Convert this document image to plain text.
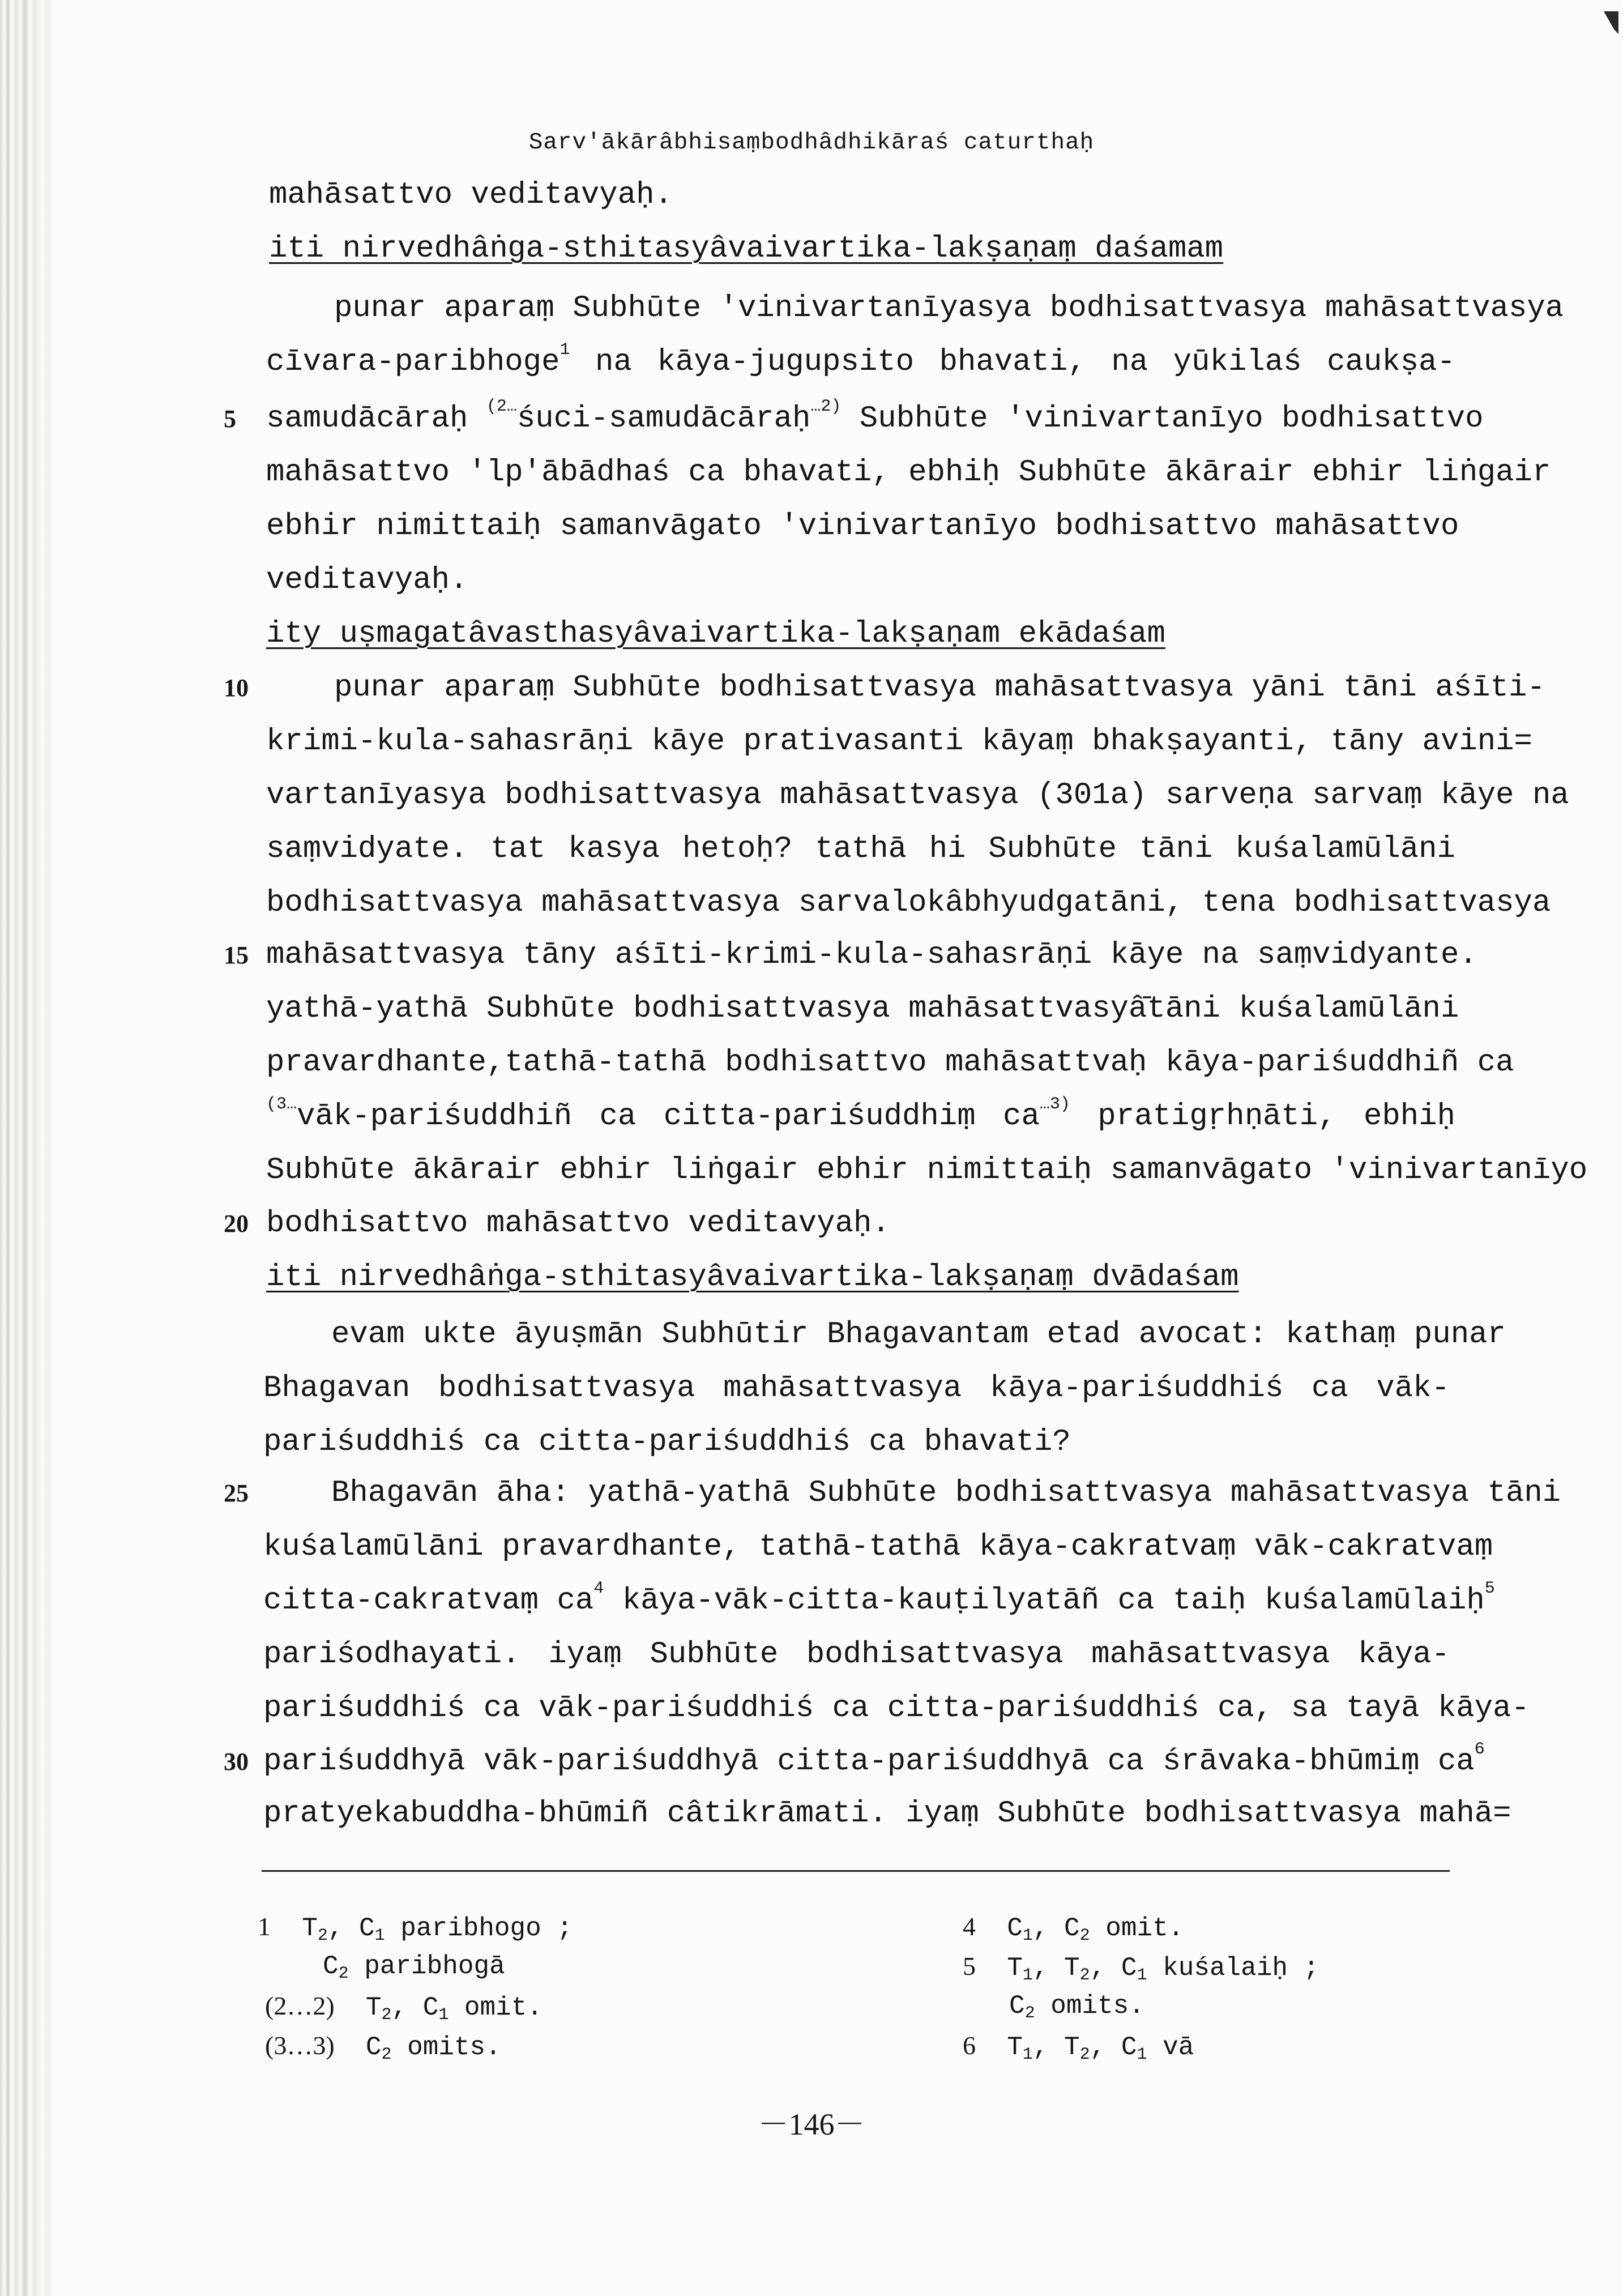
Sarv'ākārâbhisaṃbodhâdhikāraś caturthaḥ
5
10
15
20
25
30
mahāsattvo veditavyaḥ.
iti nirvedhâṅga-sthitasyâvaivartika-lakṣaṇaṃ daśamam
punar aparaṃ Subhūte 'vinivartanīyasya bodhisattvasya mahāsattvasya
cīvara-paribhoge$^1$ na kāya-jugupsito bhavati, na yūkilaś caukṣa-
samudācāraḥ $^{(2\dots}$śuci-samudācāraḥ$^{\dots 2)}$ Subhūte 'vinivartanīyo bodhisattvo
mahāsattvo 'lp'ābādhaś ca bhavati, ebhiḥ Subhūte ākārair ebhir liṅgair
ebhir nimittaiḥ samanvāgato 'vinivartanīyo bodhisattvo mahāsattvo
veditavyaḥ.
ity uṣmagatâvasthasyâvaivartika-lakṣaṇam ekādaśam
punar aparaṃ Subhūte bodhisattvasya mahāsattvasya yāni tāni aśīti-
krimi-kula-sahasrāṇi kāye prativasanti kāyaṃ bhakṣayanti, tāny avini=
vartanīyasya bodhisattvasya mahāsattvasya (301a) sarveṇa sarvaṃ kāye na
saṃvidyate. tat kasya hetoḥ? tathā hi Subhūte tāni kuśalamūlāni
bodhisattvasya mahāsattvasya sarvalokâbhyudgatāni, tena bodhisattvasya
mahāsattvasya tāny aśīti-krimi-kula-sahasrāṇi kāye na saṃvidyante.
yathā-yathā Subhūte bodhisattvasya mahāsattvasyâ̄tāni kuśalamūlāni
pravardhante,tathā-tathā bodhisattvo mahāsattvaḥ kāya-pariśuddhiñ ca
$^{(3\dots}$vāk-pariśuddhiñ ca citta-pariśuddhiṃ $ca^{\dots 3)}$ pratigṛhṇāti, ebhiḥ
Subhūte ākārair ebhir liṅgair ebhir nimittaiḥ samanvāgato 'vinivartanīyo
bodhisattvo mahāsattvo veditavyaḥ.
iti nirvedhâṅga-sthitasyâvaivartika-lakṣaṇaṃ dvādaśam
evam ukte āyuṣmān Subhūtir Bhagavantam etad avocat: kathaṃ punar
Bhagavan bodhisattvasya mahāsattvasya kāya-pariśuddhiś ca vāk-
pariśuddhiś ca citta-pariśuddhiś ca bhavati?
Bhagavān āha: yathā-yathā Subhūte bodhisattvasya mahāsattvasya tāni
kuśalamūlāni pravardhante, tathā-tathā kāya-cakratvaṃ vāk-cakratvaṃ
citta-cakratvaṃ $ca^4$ kāya-vāk-citta-kauṭilyatāñ ca taiḥ kuśalamūlaiḥ$^5$
pariśodhayati. iyaṃ Subhūte bodhisattvasya mahāsattvasya kāya-
pariśuddhiś ca vāk-pariśuddhiś ca citta-pariśuddhiś ca, sa tayā kāya-
pariśuddhyā vāk-pariśuddhyā citta-pariśuddhyā ca śrāvaka-bhūmiṃ $ca^6$
pratyekabuddha-bhūmiñ câtikrāmati. iyaṃ Subhūte bodhisattvasya mahā=
1 $T_2$, $C_1$ paribhogo ;
$C_2$ paribhogā
(2…2) $T_2$, $C_1$ omit.
(3…3) $C_2$ omits.
4 $C_1$, $C_2$ omit.
5 $T_1$, $T_2$, $C_1$ kuśalaiḥ ;
$C_2$ omits.
6 $T_1$, $T_2$, $C_1$ vā
－146－
